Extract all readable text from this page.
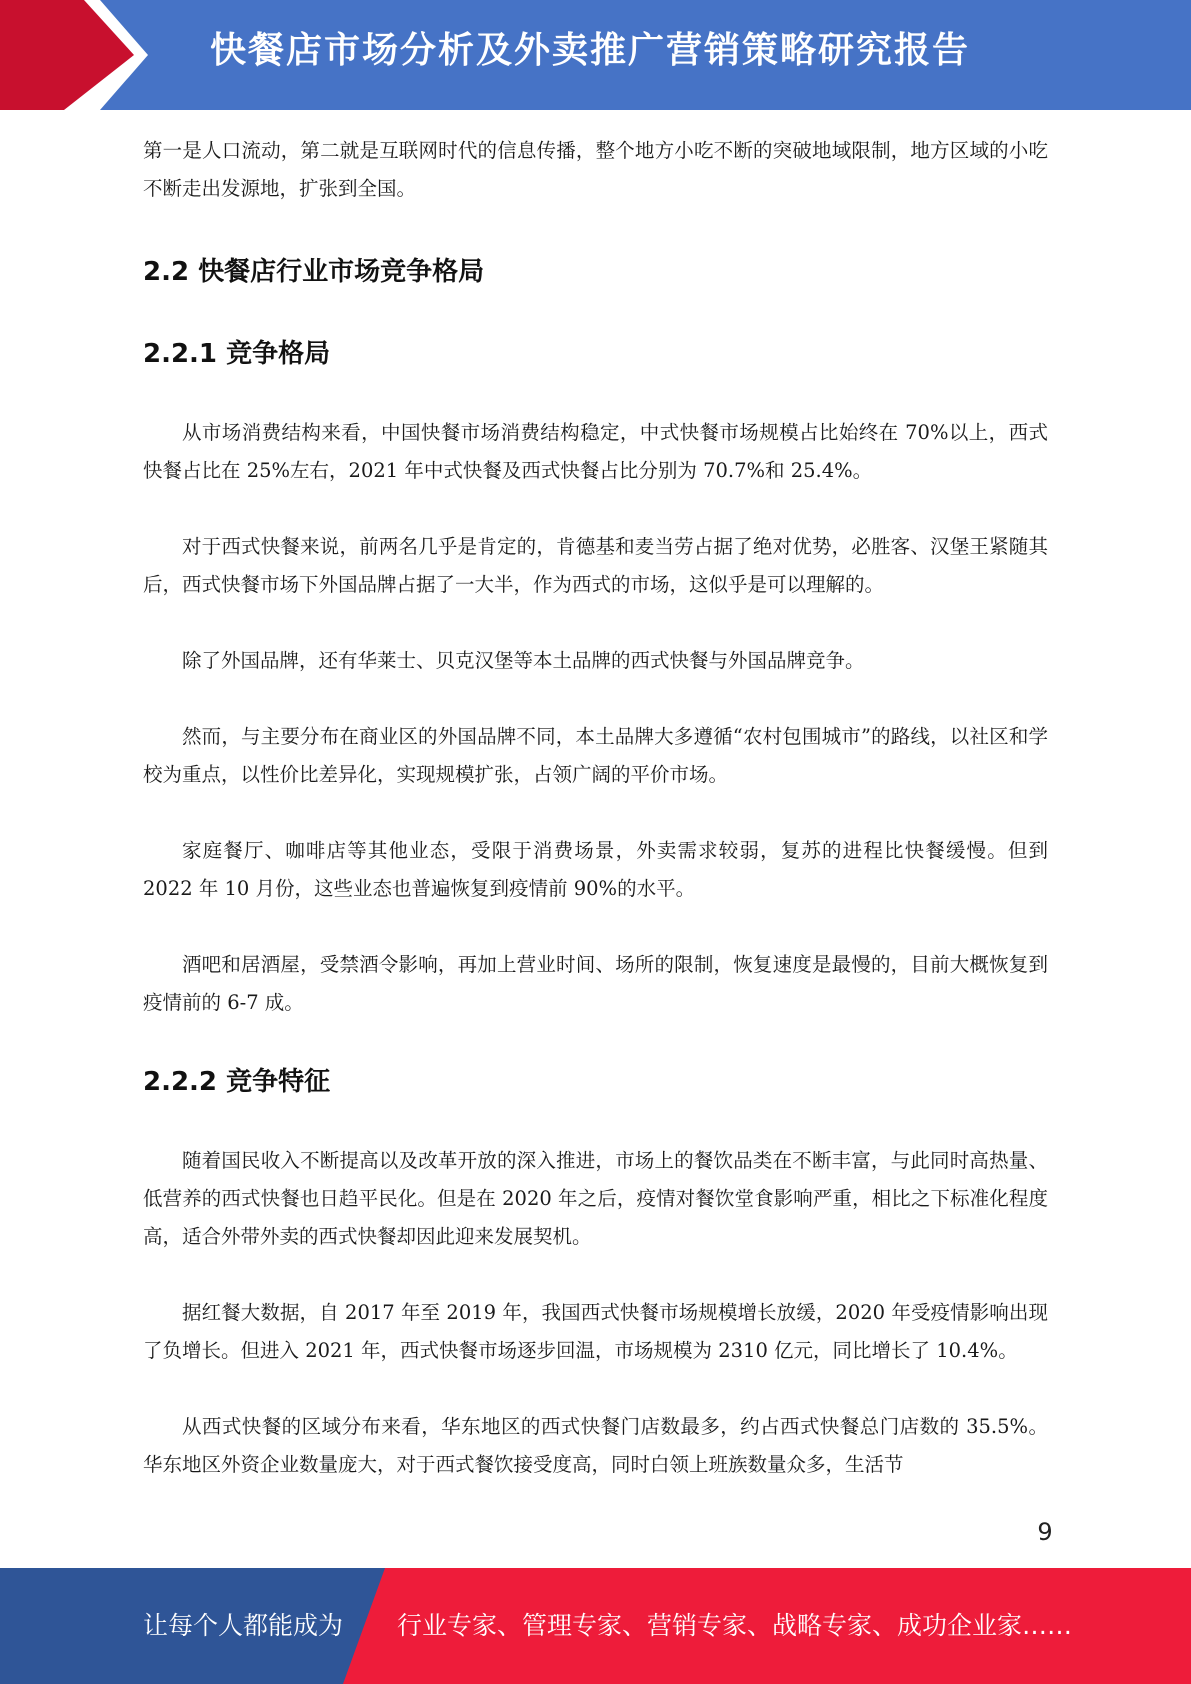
快餐店市场分析及外卖推广营销策略研究报告

第一是人口流动，第二就是互联网时代的信息传播，整个地方小吃不断的突破地域限制，地方区域的小吃不断走出发源地，扩张到全国。

2.2 快餐店行业市场竞争格局
2.2.1 竞争格局

从市场消费结构来看，中国快餐市场消费结构稳定，中式快餐市场规模占比始终在 70%以上，西式快餐占比在 25%左右，2021 年中式快餐及西式快餐占比分别为 70.7%和 25.4%。

对于西式快餐来说，前两名几乎是肯定的，肯德基和麦当劳占据了绝对优势，必胜客、汉堡王紧随其后，西式快餐市场下外国品牌占据了一大半，作为西式的市场，这似乎是可以理解的。

除了外国品牌，还有华莱士、贝克汉堡等本土品牌的西式快餐与外国品牌竞争。

然而，与主要分布在商业区的外国品牌不同，本土品牌大多遵循“农村包围城市”的路线，以社区和学校为重点，以性价比差异化，实现规模扩张，占领广阔的平价市场。

家庭餐厅、咖啡店等其他业态，受限于消费场景，外卖需求较弱，复苏的进程比快餐缓慢。但到 2022 年 10 月份，这些业态也普遍恢复到疫情前 90%的水平。

酒吧和居酒屋，受禁酒令影响，再加上营业时间、场所的限制，恢复速度是最慢的，目前大概恢复到疫情前的 6-7 成。

2.2.2 竞争特征

随着国民收入不断提高以及改革开放的深入推进，市场上的餐饮品类在不断丰富，与此同时高热量、低营养的西式快餐也日趋平民化。但是在 2020 年之后，疫情对餐饮堂食影响严重，相比之下标准化程度高，适合外带外卖的西式快餐却因此迎来发展契机。

据红餐大数据，自 2017 年至 2019 年，我国西式快餐市场规模增长放缓，2020 年受疫情影响出现了负增长。但进入 2021 年，西式快餐市场逐步回温，市场规模为 2310 亿元，同比增长了 10.4%。

从西式快餐的区域分布来看，华东地区的西式快餐门店数最多，约占西式快餐总门店数的 35.5%。华东地区外资企业数量庞大，对于西式餐饮接受度高，同时白领上班族数量众多，生活节

9
让每个人都能成为 行业专家、管理专家、营销专家、战略专家、成功企业家……
